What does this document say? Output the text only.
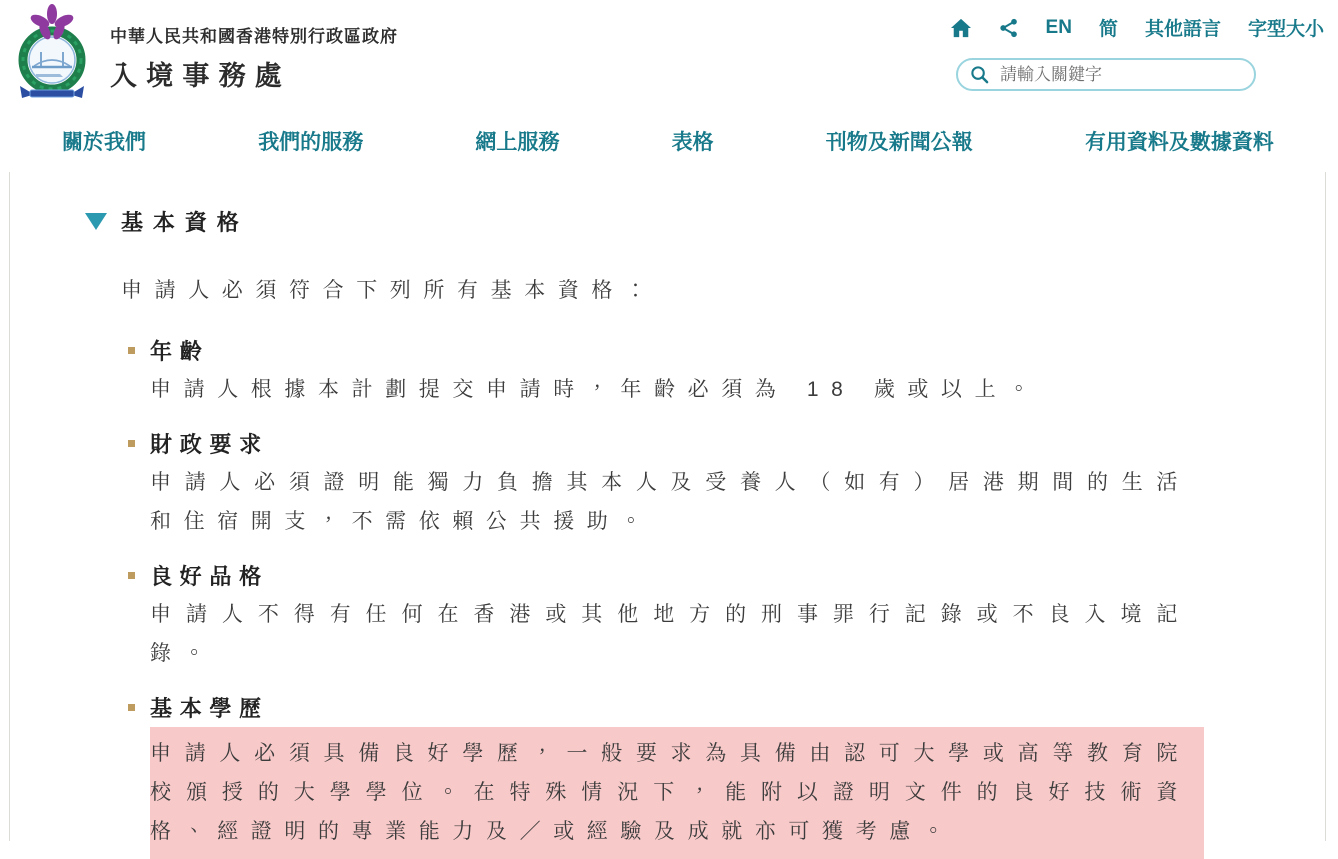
中華人民共和國香港特別行政區政府
入境事務處
EN 简 其他語言 字型大小
請輸入關鍵字
關於我們	我們的服務	網上服務	表格	刊物及新聞公報	有用資料及數據資料
基本資格

申請人必須符合下列所有基本資格：

年齡

申請人根據本計劃提交申請時，年齡必須為 18 歲或以上。

財政要求

申請人必須證明能獨力負擔其本人及受養人（如有）居港期間的生活和住宿開支，不需依賴公共援助。

良好品格

申請人不得有任何在香港或其他地方的刑事罪行記錄或不良入境記錄。

基本學歷

申請人必須具備良好學歷，一般要求為具備由認可大學或高等教育院校頒授的大學學位。在特殊情況下，能附以證明文件的良好技術資格、經證明的專業能力及／或經驗及成就亦可獲考慮。
